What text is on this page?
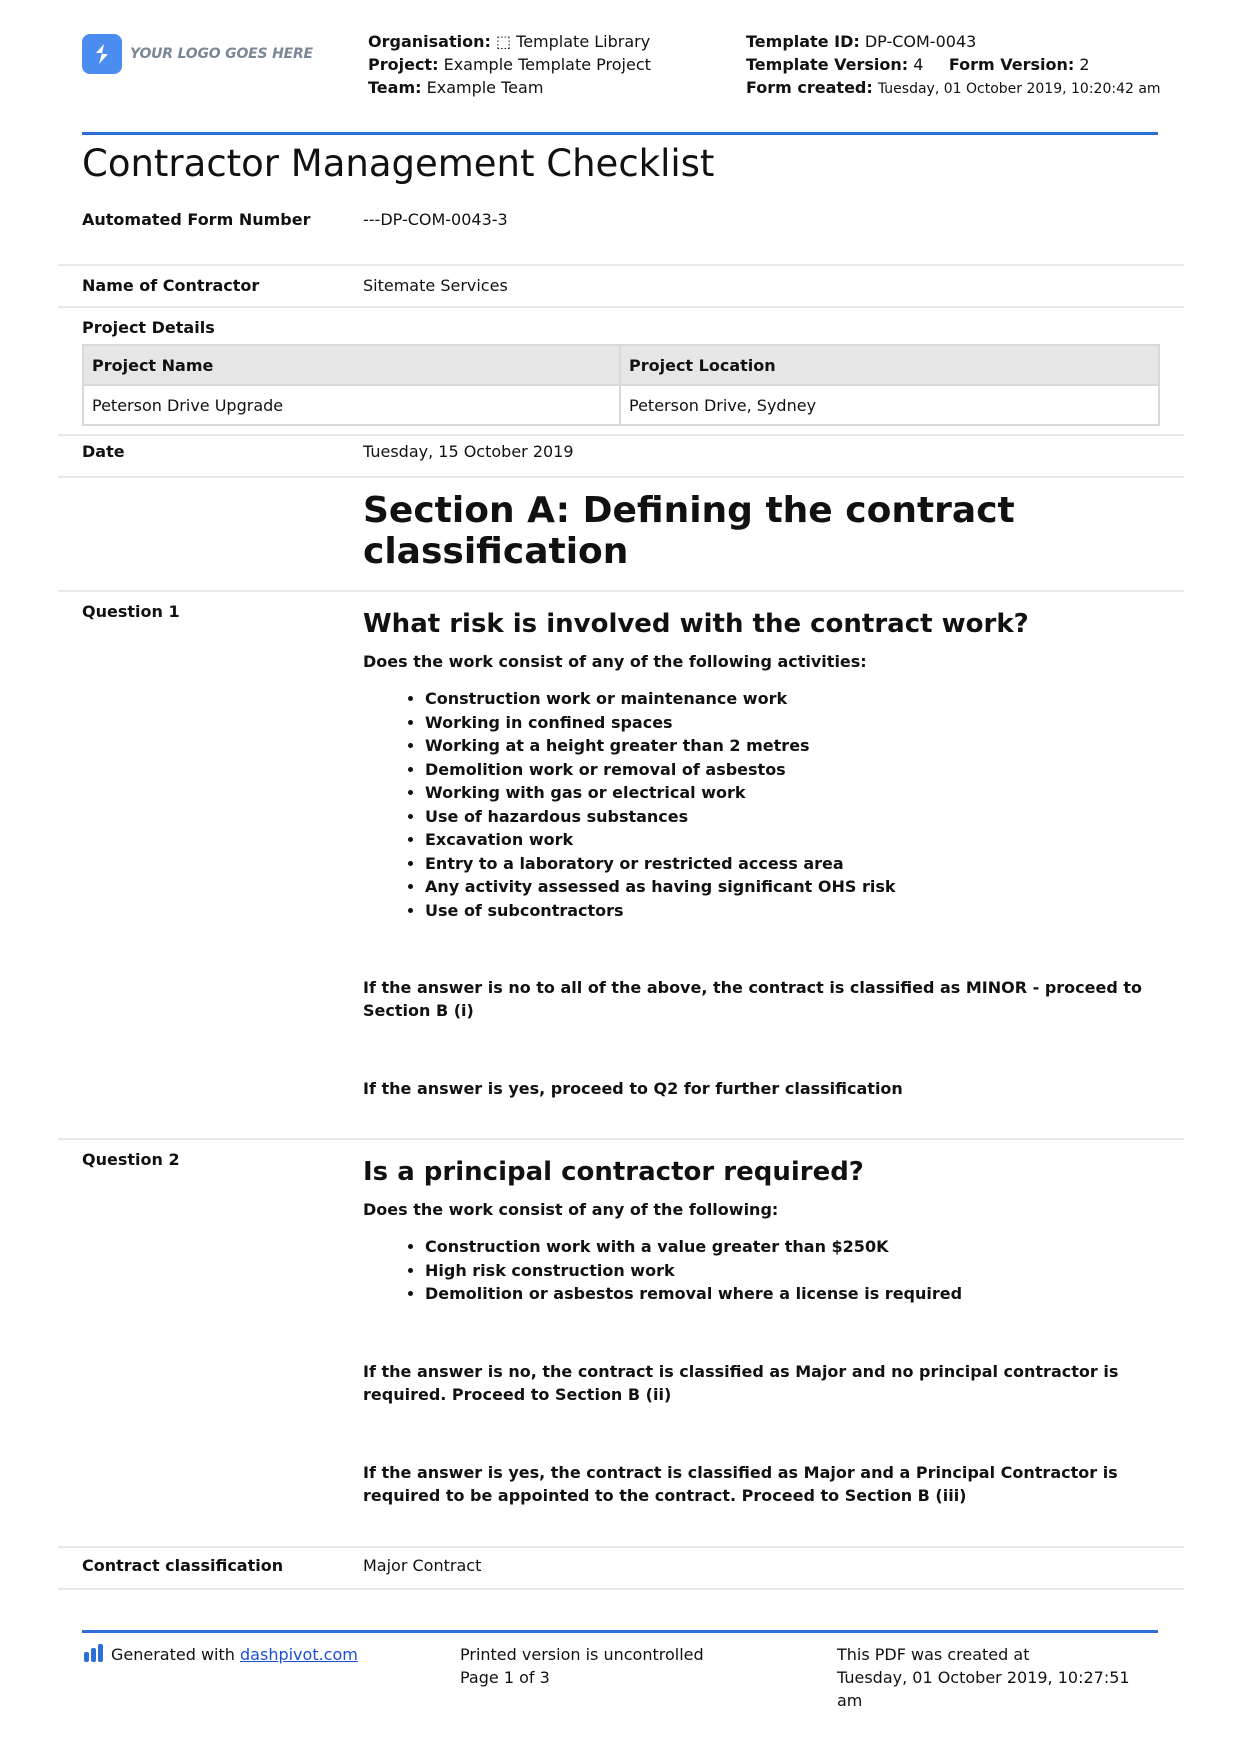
YOUR LOGO GOES HERE
Organisation: ⬚ Template Library
Project: Example Template Project
Team: Example Team
Template ID: DP-COM-0043
Template Version: 4 Form Version: 2
Form created: Tuesday, 01 October 2019, 10:20:42 am
Contractor Management Checklist
Automated Form Number	---DP-COM-0043-3
Name of Contractor	Sitemate Services
Project Details
Project Name	Project Location
Peterson Drive Upgrade	Peterson Drive, Sydney
Date	Tuesday, 15 October 2019
Section A: Defining the contract classification
Question 1	What risk is involved with the contract work?
Does the work consist of any of the following activities:
• Construction work or maintenance work
• Working in confined spaces
• Working at a height greater than 2 metres
• Demolition work or removal of asbestos
• Working with gas or electrical work
• Use of hazardous substances
• Excavation work
• Entry to a laboratory or restricted access area
• Any activity assessed as having significant OHS risk
• Use of subcontractors
If the answer is no to all of the above, the contract is classified as MINOR - proceed to Section B (i)
If the answer is yes, proceed to Q2 for further classification
Question 2	Is a principal contractor required?
Does the work consist of any of the following:
• Construction work with a value greater than $250K
• High risk construction work
• Demolition or asbestos removal where a license is required
If the answer is no, the contract is classified as Major and no principal contractor is required. Proceed to Section B (ii)
If the answer is yes, the contract is classified as Major and a Principal Contractor is required to be appointed to the contract. Proceed to Section B (iii)
Contract classification	Major Contract
Generated with dashpivot.com	Printed version is uncontrolled
Page 1 of 3
This PDF was created at
Tuesday, 01 October 2019, 10:27:51 am
